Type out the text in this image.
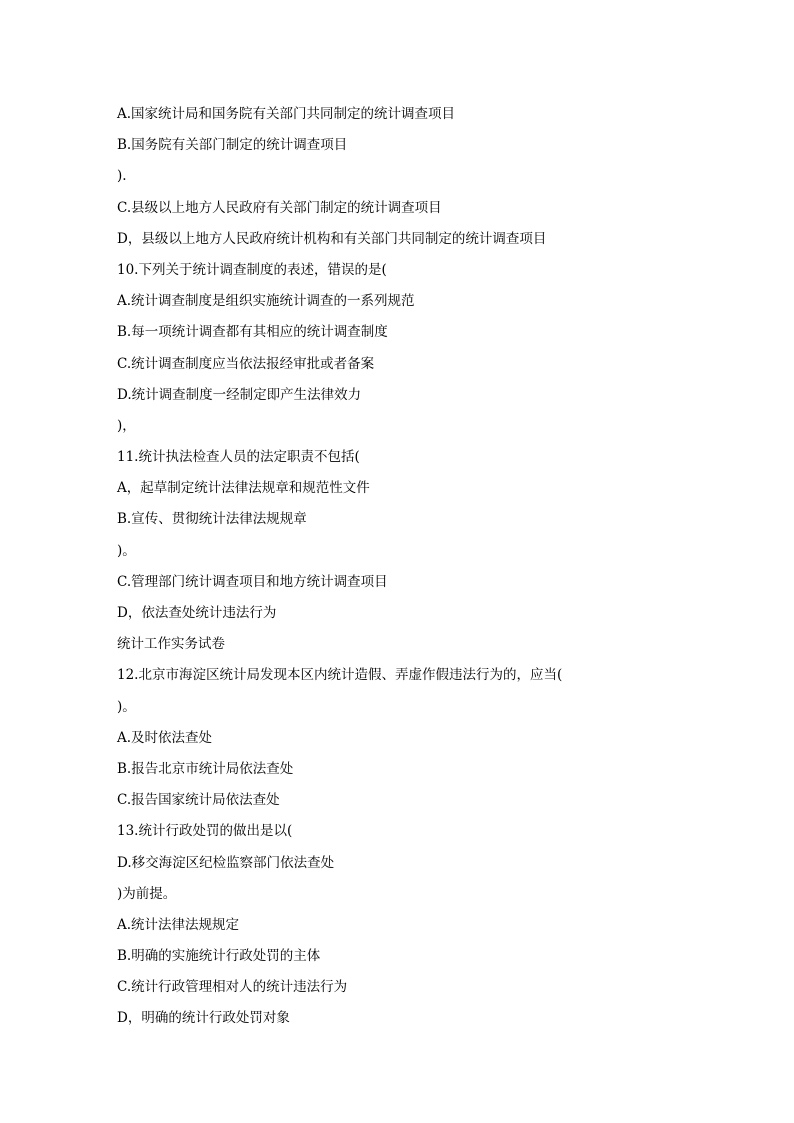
A.国家统计局和国务院有关部门共同制定的统计调查项目
B.国务院有关部门制定的统计调查项目
).
C.县级以上地方人民政府有关部门制定的统计调查项目
D，县级以上地方人民政府统计机构和有关部门共同制定的统计调查项目
10.下列关于统计调查制度的表述，错误的是(
A.统计调查制度是组织实施统计调查的一系列规范
B.每一项统计调查都有其相应的统计调查制度
C.统计调查制度应当依法报经审批或者备案
D.统计调查制度一经制定即产生法律效力
)，
11.统计执法检查人员的法定职责不包括(
A，起草制定统计法律法规章和规范性文件
B.宣传、贯彻统计法律法规规章
)。
C.管理部门统计调查项目和地方统计调查项目
D，依法查处统计违法行为
统计工作实务试卷
12.北京市海淀区统计局发现本区内统计造假、弄虚作假违法行为的，应当(
)。
A.及时依法查处
B.报告北京市统计局依法查处
C.报告国家统计局依法查处
13.统计行政处罚的做出是以(
D.移交海淀区纪检监察部门依法查处
)为前提。
A.统计法律法规规定
B.明确的实施统计行政处罚的主体
C.统计行政管理相对人的统计违法行为
D，明确的统计行政处罚对象
